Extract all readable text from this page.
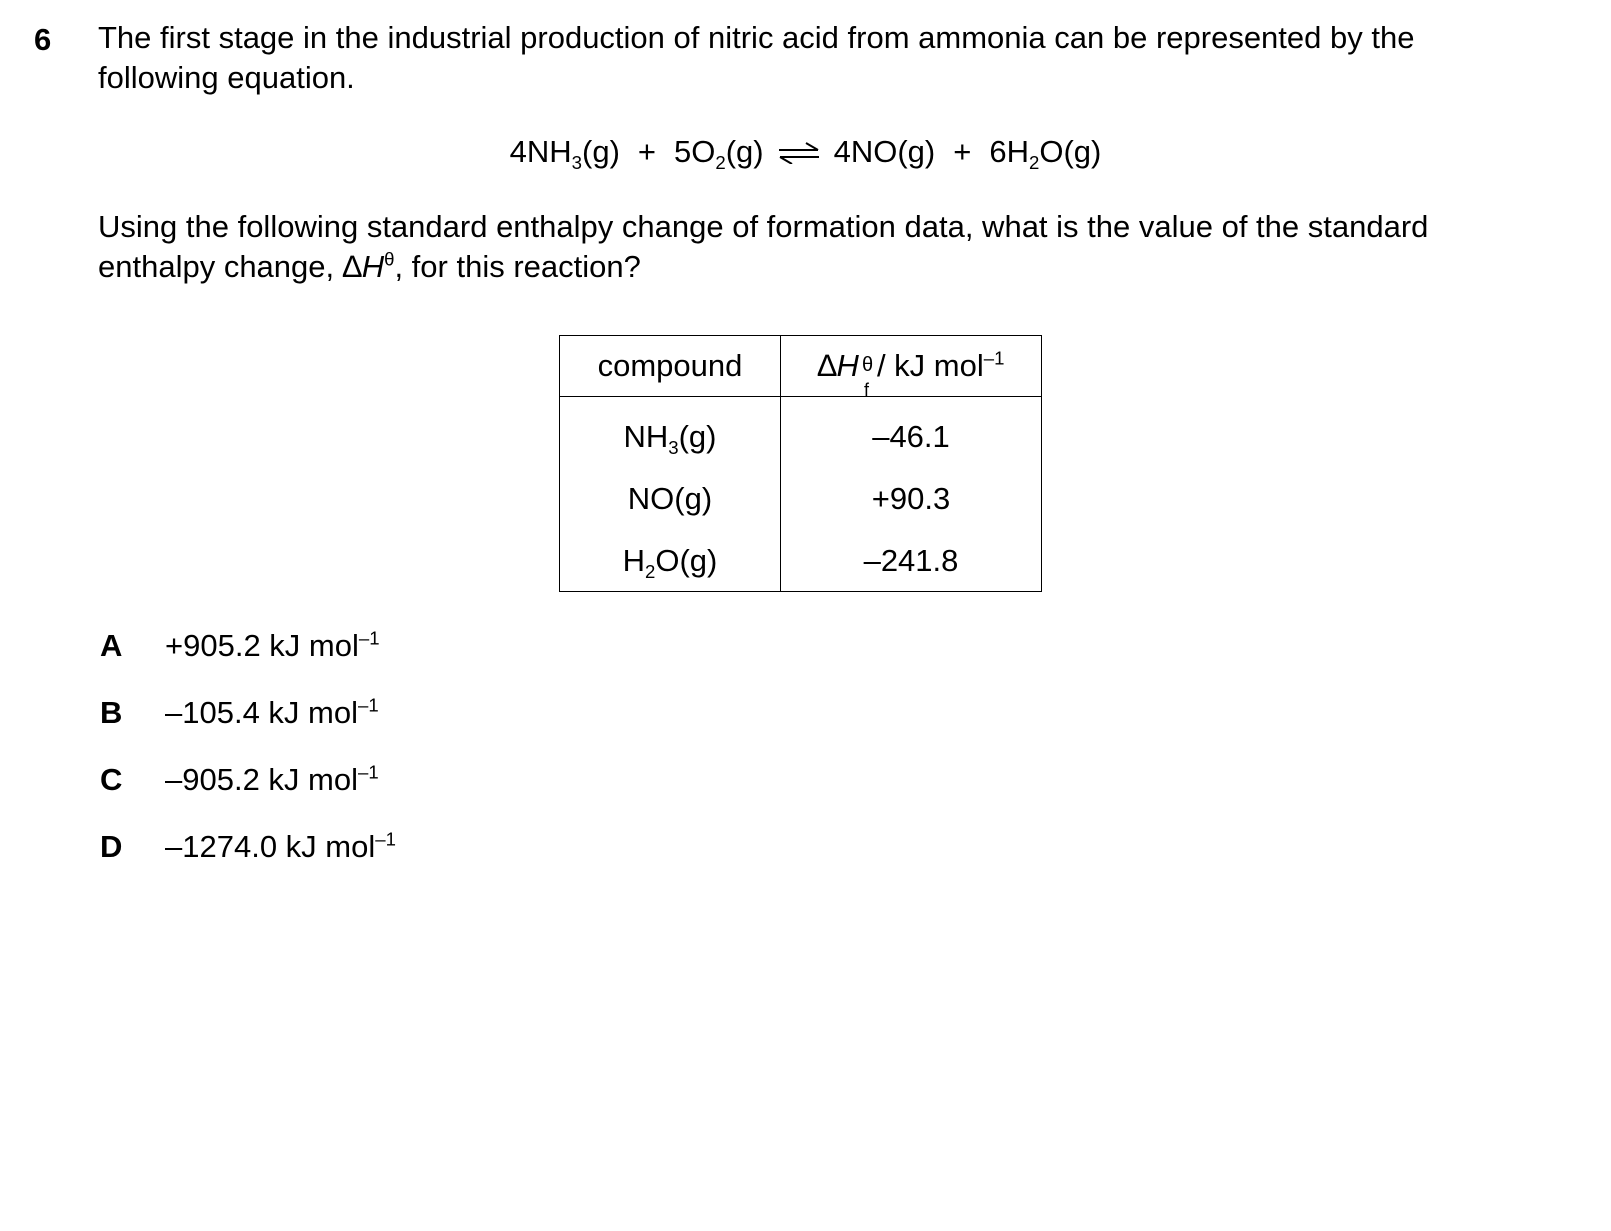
6 The first stage in the industrial production of nitric acid from ammonia can be represented by the following equation.
$4NH_3(g) + 5O_2(g)$ ⇌ $4NO(g) + 6H_2O(g)$
Using the following standard enthalpy change of formation data, what is the value of the standard enthalpy change, $\Delta H^\theta$, for this reaction?
compound	∆H θ
f
/ kJ mol$^{-1}$
$NH_3(g)$	–46.1
NO(g)	+90.3
$H_2O(g)$	–241.8
A	+905.2 kJ mol$^{-1}$
B	–105.4 kJ mol$^{-1}$
C	–905.2 kJ mol$^{-1}$
D	–1274.0 kJ mol$^{-1}$
